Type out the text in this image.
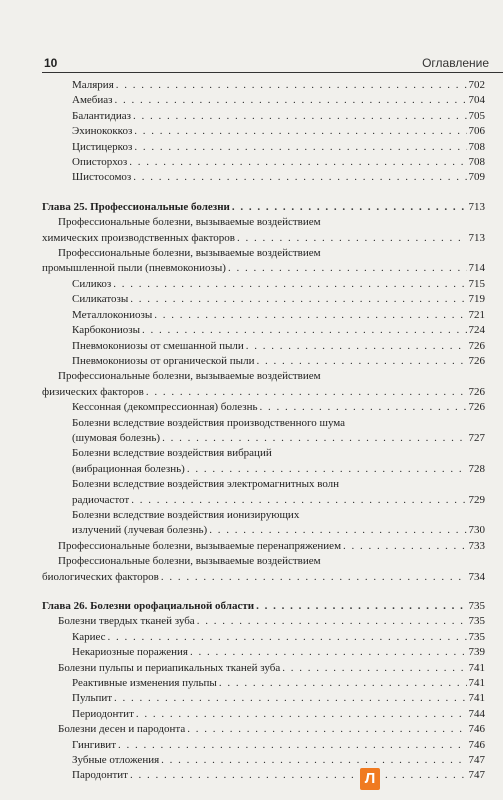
10	Оглавление
Малярия . . .	702
Амебиаз . . .	704
Балантидиаз . . .	705
Эхинококкоз . . .	706
Цистицеркоз . . .	708
Описторхоз . . .	708
Шистосомоз . . .	709
Глава 25. Профессиональные болезни . . .	713
Профессиональные болезни, вызываемые воздействием
химических производственных факторов . . .	713
Профессиональные болезни, вызываемые воздействием
промышленной пыли (пневмокониозы) . . .	714
Силикоз . . .	715
Силикатозы . . .	719
Металлокониозы . . .	721
Карбокониозы . . .	724
Пневмокониозы от смешанной пыли . . .	726
Пневмокониозы от органической пыли . . .	726
Профессиональные болезни, вызываемые воздействием
физических факторов . . .	726
Кессонная (декомпрессионная) болезнь . . .	726
Болезни вследствие воздействия производственного шума
(шумовая болезнь) . . .	727
Болезни вследствие воздействия вибраций
(вибрационная болезнь) . . .	728
Болезни вследствие воздействия электромагнитных волн
радиочастот . . .	729
Болезни вследствие воздействия ионизирующих
излучений (лучевая болезнь) . . .	730
Профессиональные болезни, вызываемые перенапряжением . . .	733
Профессиональные болезни, вызываемые воздействием
биологических факторов . . .	734
Глава 26. Болезни орофациальной области . . .	735
Болезни твердых тканей зуба . . .	735
Кариес . . .	735
Некариозные поражения . . .	739
Болезни пульпы и периапикальных тканей зуба . . .	741
Реактивные изменения пульпы . . .	741
Пульпит . . .	741
Периодонтит . . .	744
Болезни десен и пародонта . . .	746
Гингивит . . .	746
Зубные отложения . . .	747
Пародонтит . . .	747
Л
